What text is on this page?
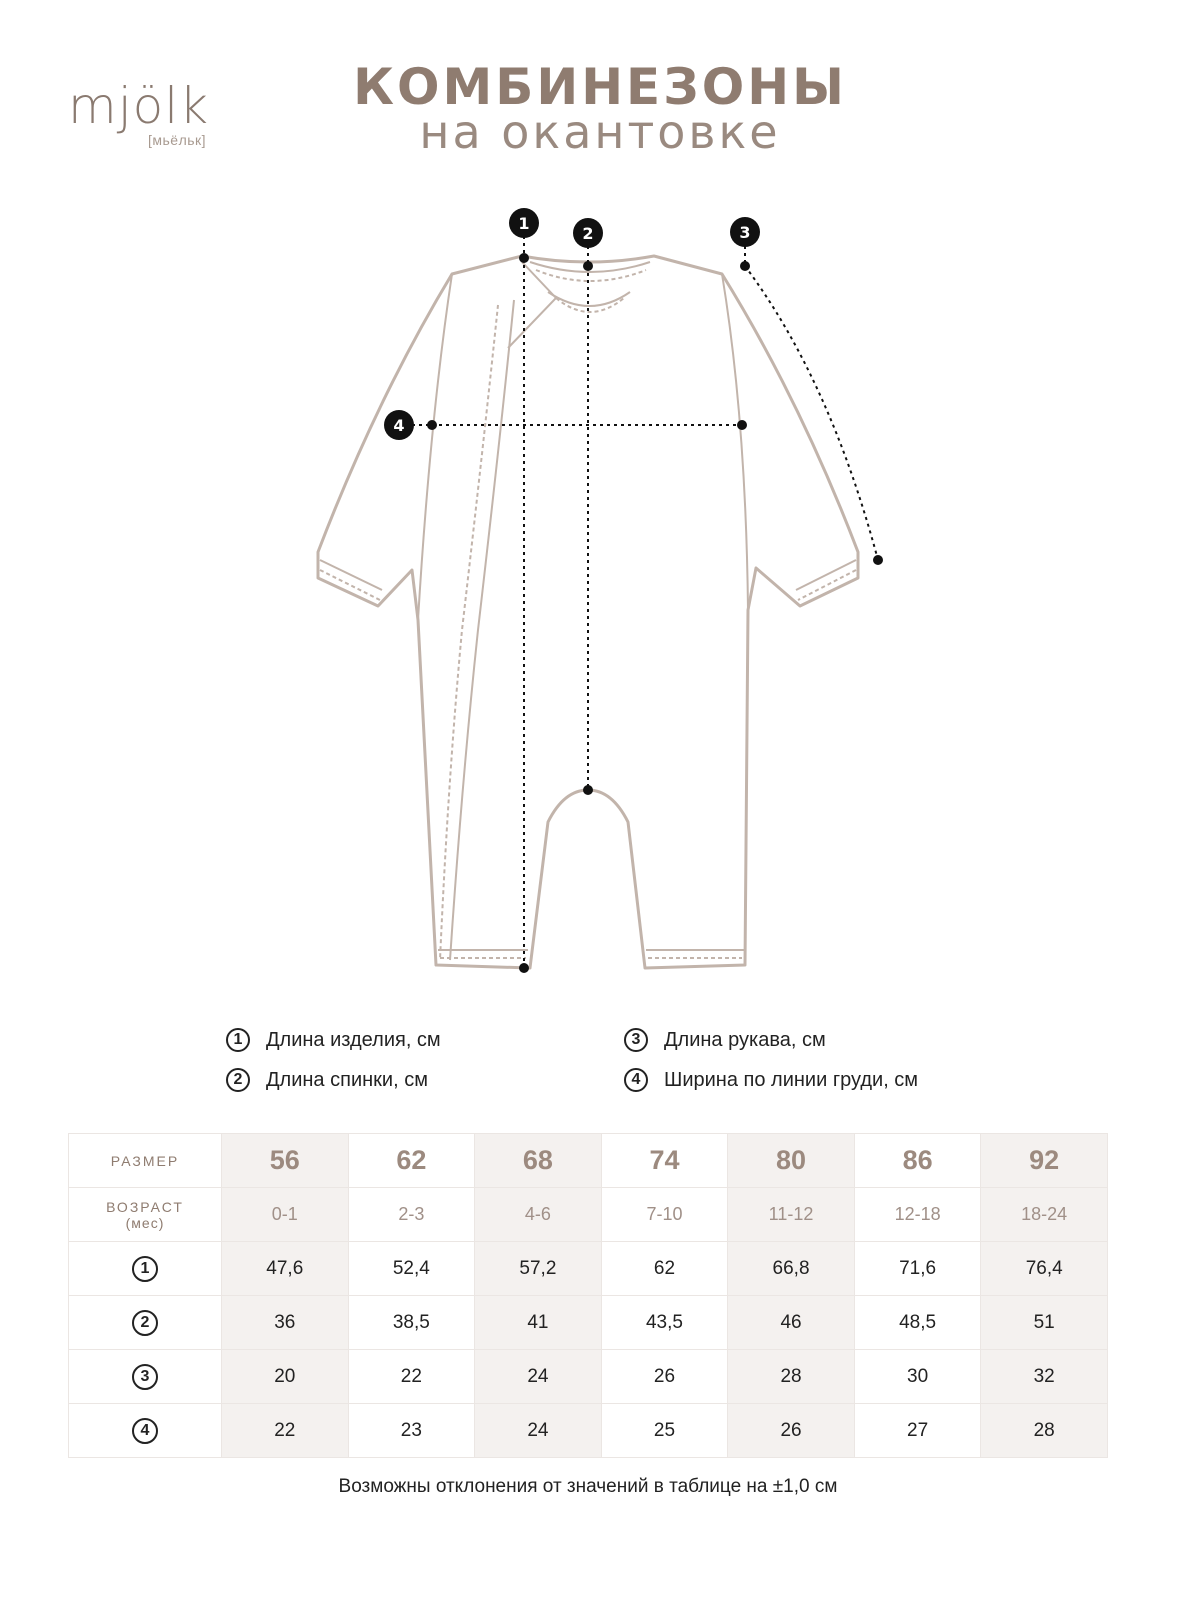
mjölk
[мьёльк]
КОМБИНЕЗОНЫ
на окантовке
1
2	3
4
1	Длина изделия, см
2	Длина спинки, см
3	Длина рукава, см
4	Ширина по линии груди, см
РАЗМЕР	56	62	68	74	80	86	92

ВОЗРАСТ
(мес)	0-1	2-3	4-6	7-10	11-12	12-18	18-24
1	47,6	52,4	57,2	62	66,8	71,6	76,4
2	36	38,5	41	43,5	46	48,5	51
3	20	22	24	26	28	30	32
4	22	23	24	25	26	27	28
Возможны отклонения от значений в таблице на ±1,0 см
